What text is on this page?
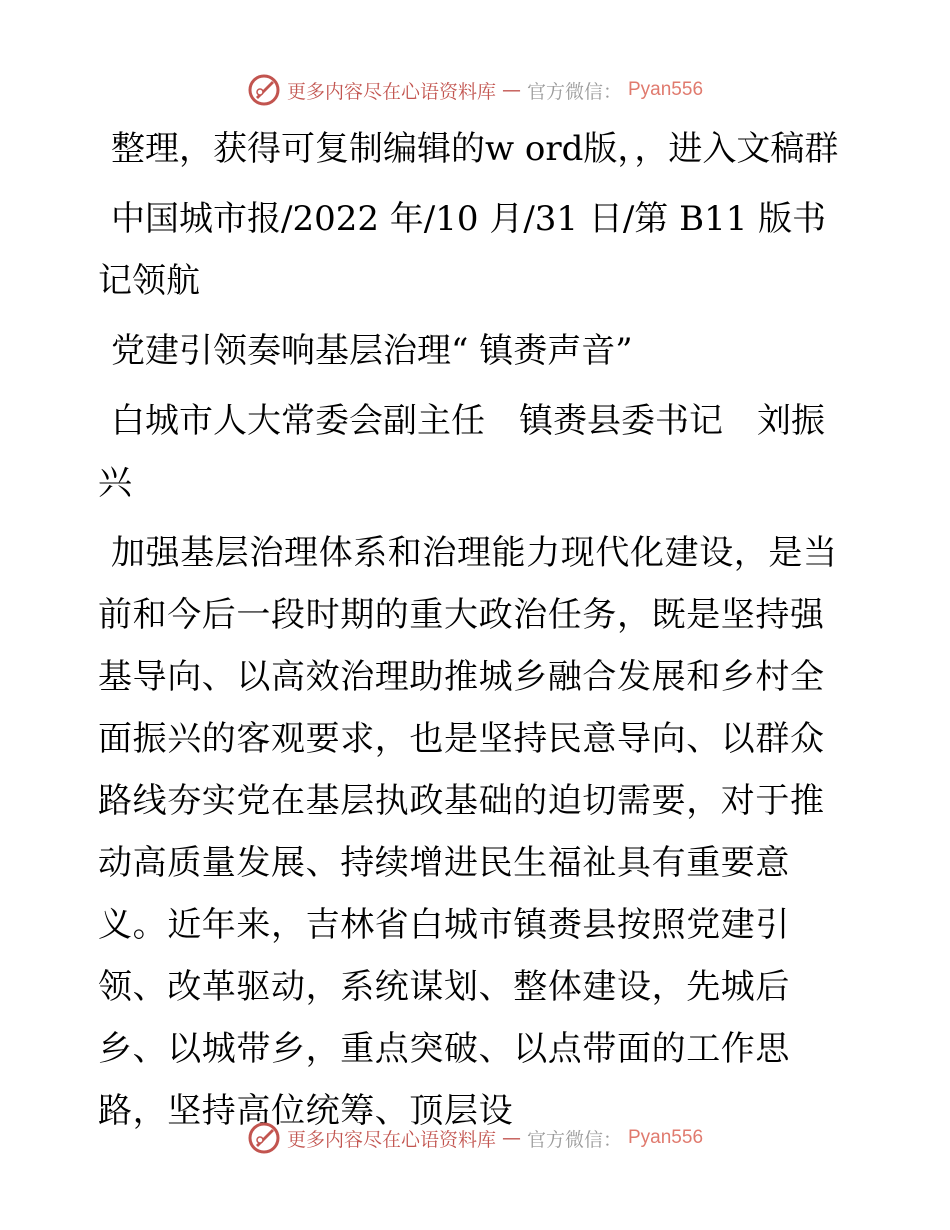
更多内容尽在心语资料库 — 官方微信： Pyan556

整理，获得可复制编辑的w ord版，，进入文稿群

中国城市报/2022 年/10 月/31 日/第 B11 版书记领航

党建引领奏响基层治理“ 镇赉声音”

白城市人大常委会副主任　镇赉县委书记　刘振兴

加强基层治理体系和治理能力现代化建设，是当前和今后一段时期的重大政治任务，既是坚持强基导向、以高效治理助推城乡融合发展和乡村全面振兴的客观要求，也是坚持民意导向、以群众路线夯实党在基层执政基础的迫切需要，对于推动高质量发展、持续增进民生福祉具有重要意义。近年来，吉林省白城市镇赉县按照党建引领、改革驱动，系统谋划、整体建设，先城后乡、以城带乡，重点突破、以点带面的工作思路，坚持高位统筹、顶层设

更多内容尽在心语资料库 — 官方微信： Pyan556
